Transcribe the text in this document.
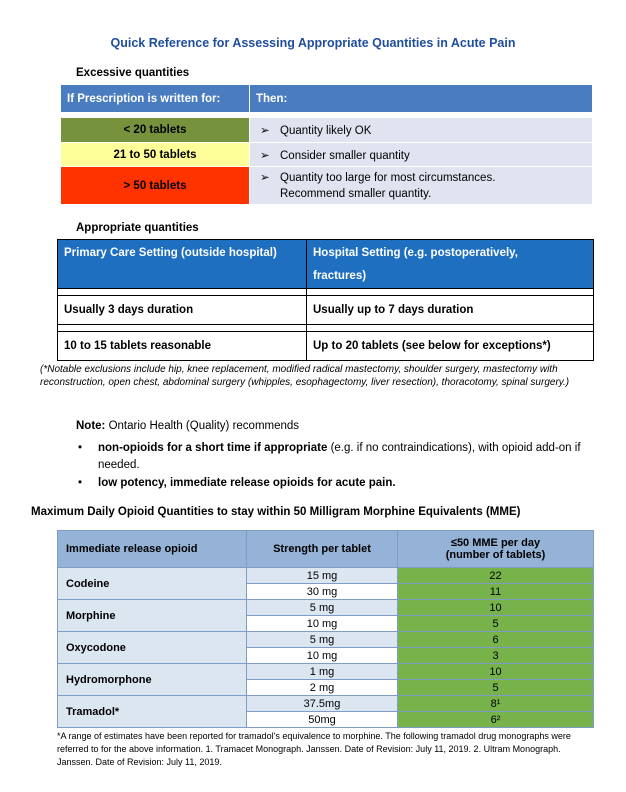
Quick Reference for Assessing Appropriate Quantities in Acute Pain
Excessive quantities
If Prescription is written for:	Then:

< 20 tablets	➢ Quantity likely OK
21 to 50 tablets	➢ Consider smaller quantity
> 50 tablets	➢ Quantity too large for most circumstances.
Recommend smaller quantity.
Appropriate quantities
Primary Care Setting (outside hospital)	Hospital Setting (e.g. postoperatively,
fractures)

Usually 3 days duration	Usually up to 7 days duration

10 to 15 tablets reasonable	Up to 20 tablets (see below for exceptions*)
(*Notable exclusions include hip, knee replacement, modified radical mastectomy, shoulder surgery, mastectomy with reconstruction, open chest, abdominal surgery (whipples, esophagectomy, liver resection), thoracotomy, spinal surgery.)
Note: Ontario Health (Quality) recommends
• non-opioids for a short time if appropriate (e.g. if no contraindications), with opioid add-on if needed.
• low potency, immediate release opioids for acute pain.
Maximum Daily Opioid Quantities to stay within 50 Milligram Morphine Equivalents (MME)
Immediate release opioid	Strength per tablet	≤50 MME per day
(number of tablets)
Codeine	15 mg	22
	30 mg	11
Morphine	5 mg	10
	10 mg	5
Oxycodone	5 mg	6
	10 mg	3
Hydromorphone	1 mg	10
	2 mg	5
Tramadol*	37.5mg	8¹
	50mg	6²
*A range of estimates have been reported for tramadol's equivalence to morphine. The following tramadol drug monographs were referred to for the above information. 1. Tramacet Monograph. Janssen. Date of Revision: July 11, 2019. 2. Ultram Monograph. Janssen. Date of Revision: July 11, 2019.
